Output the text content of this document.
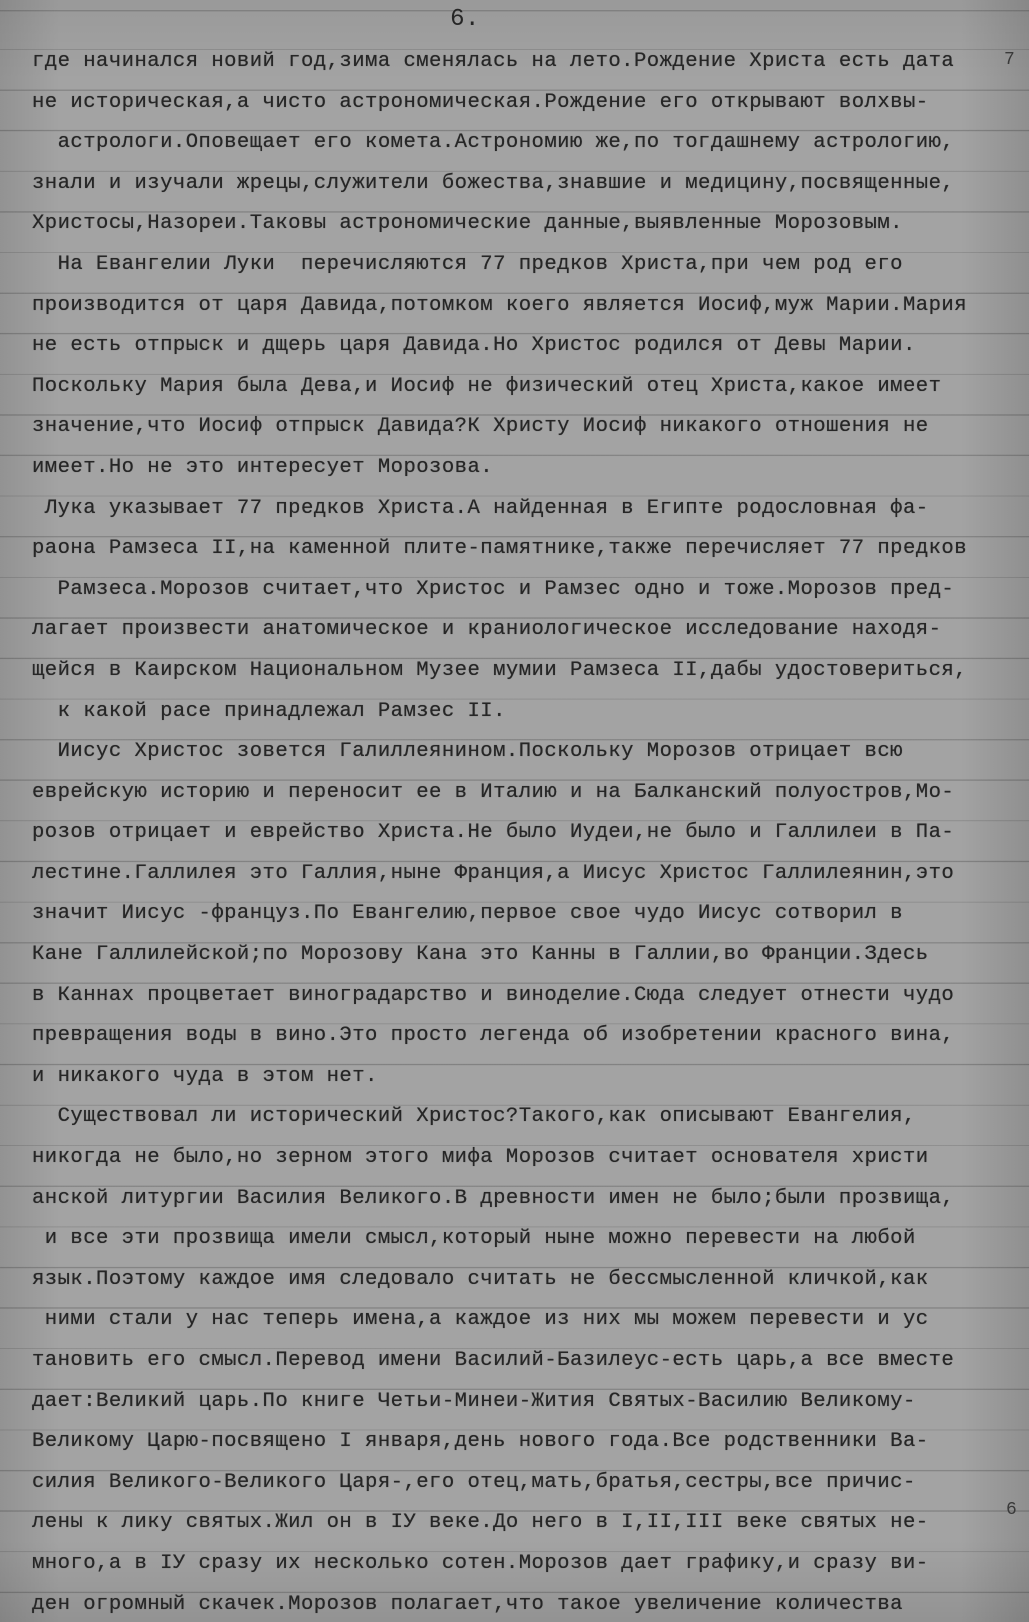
6.
7
6
где начинался новий год,зима сменялась на лето.Рождение Христа есть дата
не историческая,а чисто астрономическая.Рождение его открывают волхвы-
астрологи.Оповещает его комета.Астрономию же,по тогдашнему астрологию,
знали и изучали жрецы,служители божества,знавшие и медицину,посвященные,
Христосы,Назореи.Таковы астрономические данные,выявленные Морозовым.
На Евангелии Луки  перечисляются 77 предков Христа,при чем род его
производится от царя Давида,потомком коего является Иосиф,муж Марии.Мария
не есть отпрыск и дщерь царя Давида.Но Христос родился от Девы Марии.
Поскольку Мария была Дева,и Иосиф не физический отец Христа,какое имеет
значение,что Иосиф отпрыск Давида?К Христу Иосиф никакого отношения не
имеет.Но не это интересует Морозова.
Лука указывает 77 предков Христа.А найденная в Египте родословная фа-
раона Рамзеса II,на каменной плите-памятнике,также перечисляет 77 предков
Рамзеса.Морозов считает,что Христос и Рамзес одно и тоже.Морозов пред-
лагает произвести анатомическое и краниологическое исследование находя-
щейся в Каирском Национальном Музее мумии Рамзеса II,дабы удостовериться,
к какой расе принадлежал Рамзес II.
Иисус Христос зовется Галиллеянином.Поскольку Морозов отрицает всю
еврейскую историю и переносит ее в Италию и на Балканский полуостров,Мо-
розов отрицает и еврейство Христа.Не было Иудеи,не было и Галлилеи в Па-
лестине.Галлилея это Галлия,ныне Франция,а Иисус Христос Галлилеянин,это
значит Иисус -француз.По Евангелию,первое свое чудо Иисус сотворил в
Кане Галлилейской;по Морозову Кана это Канны в Галлии,во Франции.Здесь
в Каннах процветает виноградарство и виноделие.Сюда следует отнести чудо
превращения воды в вино.Это просто легенда об изобретении красного вина,
и никакого чуда в этом нет.
Существовал ли исторический Христос?Такого,как описывают Евангелия,
никогда не было,но зерном этого мифа Морозов считает основателя христи
анской литургии Василия Великого.В древности имен не было;были прозвища,
и все эти прозвища имели смысл,который ныне можно перевести на любой
язык.Поэтому каждое имя следовало считать не бессмысленной кличкой,как
ними стали у нас теперь имена,а каждое из них мы можем перевести и ус
тановить его смысл.Перевод имени Василий-Базилеус-есть царь,а все вместе
дает:Великий царь.По книге Четьи-Минеи-Жития Святых-Василию Великому-
Великому Царю-посвящено I января,день нового года.Все родственники Ва-
силия Великого-Великого Царя-,его отец,мать,братья,сестры,все причис-
лены к лику святых.Жил он в IУ веке.До него в I,II,III веке святых не-
много,а в IУ сразу их несколько сотен.Морозов дает графику,и сразу ви-
ден огромный скачек.Морозов полагает,что такое увеличение количества
